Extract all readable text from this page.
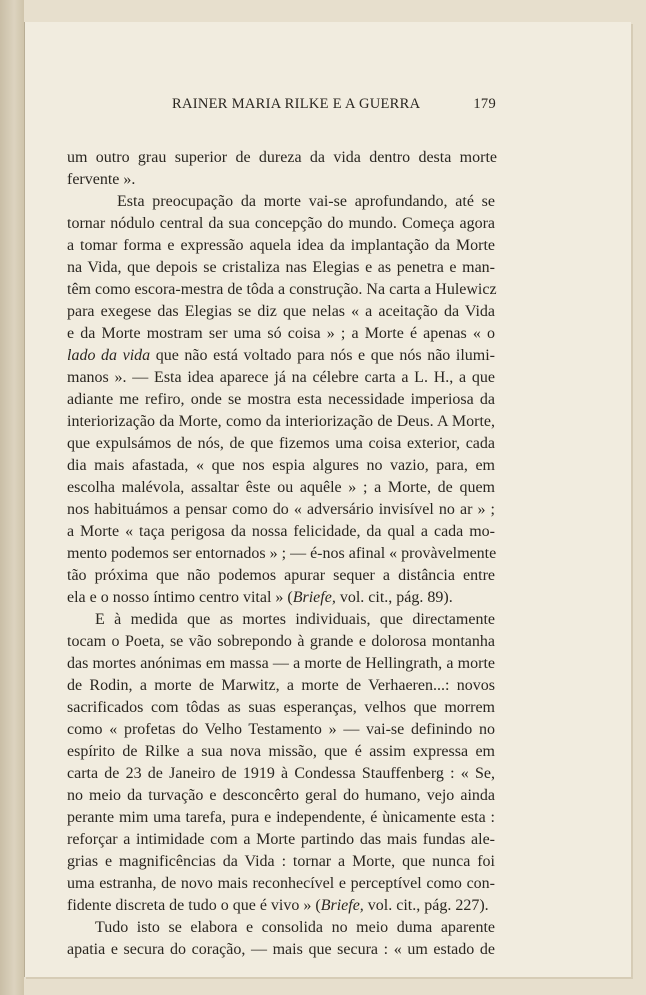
RAINER MARIA RILKE E A GUERRA	179
um outro grau superior de dureza da vida dentro desta morte
fervente ».
Esta preocupação da morte vai-se aprofundando, até se
tornar nódulo central da sua concepção do mundo. Começa agora
a tomar forma e expressão aquela idea da implantação da Morte
na Vida, que depois se cristaliza nas Elegias e as penetra e man-
têm como escora-mestra de tôda a construção. Na carta a Hulewicz
para exegese das Elegias se diz que nelas « a aceitação da Vida
e da Morte mostram ser uma só coisa » ; a Morte é apenas « o
lado da vida que não está voltado para nós e que nós não ilumi-
manos ». — Esta idea aparece já na célebre carta a L. H., a que
adiante me refiro, onde se mostra esta necessidade imperiosa da
interiorização da Morte, como da interiorização de Deus. A Morte,
que expulsámos de nós, de que fizemos uma coisa exterior, cada
dia mais afastada, « que nos espia algures no vazio, para, em
escolha malévola, assaltar êste ou aquêle » ; a Morte, de quem
nos habituámos a pensar como do « adversário invisível no ar » ;
a Morte « taça perigosa da nossa felicidade, da qual a cada mo-
mento podemos ser entornados » ; — é-nos afinal « provàvelmente
tão próxima que não podemos apurar sequer a distância entre
ela e o nosso íntimo centro vital » (Briefe, vol. cit., pág. 89).
E à medida que as mortes individuais, que directamente
tocam o Poeta, se vão sobrepondo à grande e dolorosa montanha
das mortes anónimas em massa — a morte de Hellingrath, a morte
de Rodin, a morte de Marwitz, a morte de Verhaeren...: novos
sacrificados com tôdas as suas esperanças, velhos que morrem
como « profetas do Velho Testamento » — vai-se definindo no
espírito de Rilke a sua nova missão, que é assim expressa em
carta de 23 de Janeiro de 1919 à Condessa Stauffenberg : « Se,
no meio da turvação e desconcêrto geral do humano, vejo ainda
perante mim uma tarefa, pura e independente, é ùnicamente esta :
reforçar a intimidade com a Morte partindo das mais fundas ale-
grias e magnificências da Vida : tornar a Morte, que nunca foi
uma estranha, de novo mais reconhecível e perceptível como con-
fidente discreta de tudo o que é vivo » (Briefe, vol. cit., pág. 227).
Tudo isto se elabora e consolida no meio duma aparente
apatia e secura do coração, — mais que secura : « um estado de
